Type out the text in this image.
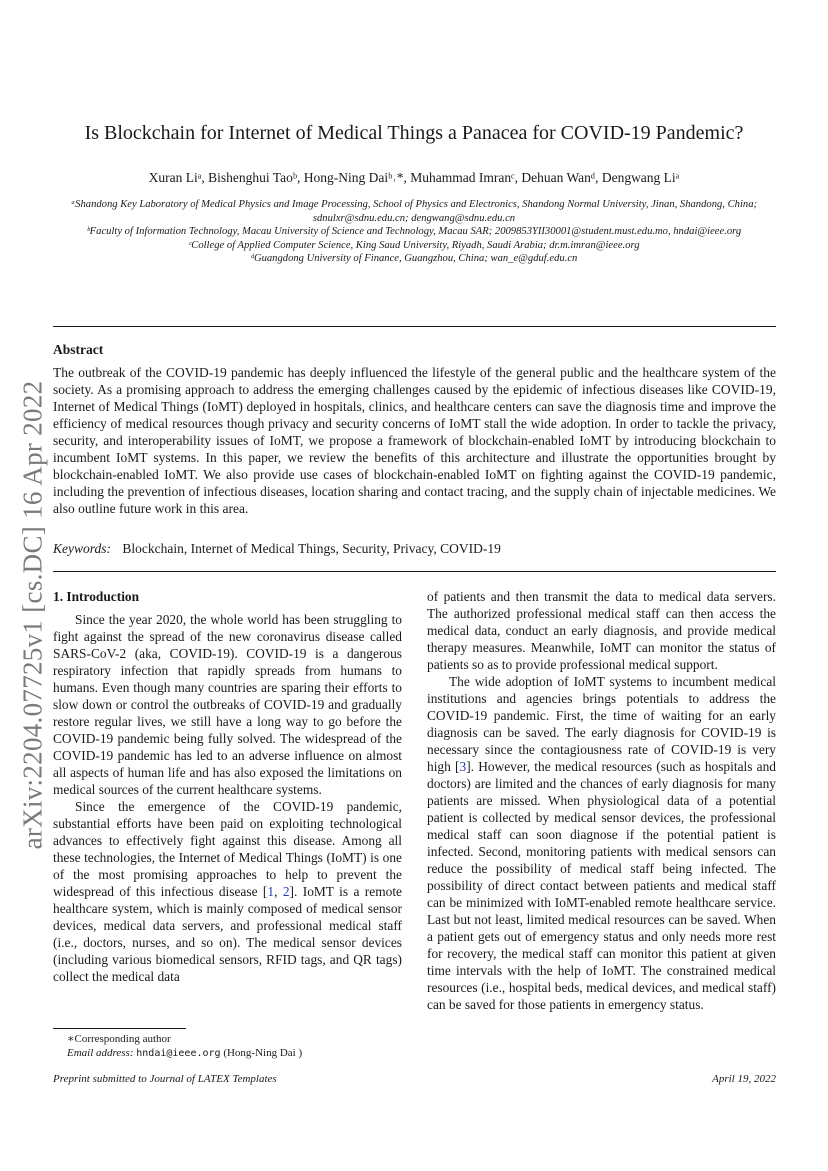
arXiv:2204.07725v1 [cs.DC] 16 Apr 2022
Is Blockchain for Internet of Medical Things a Panacea for COVID-19 Pandemic?
Xuran Liᵃ, Bishenghui Taoᵇ, Hong-Ning Daiᵇ˒*, Muhammad Imranᶜ, Dehuan Wanᵈ, Dengwang Liᵃ

ᵃShandong Key Laboratory of Medical Physics and Image Processing, School of Physics and Electronics, Shandong Normal University, Jinan, Shandong, China; sdnulxr@sdnu.edu.cn; dengwang@sdnu.edu.cn

ᵇFaculty of Information Technology, Macau University of Science and Technology, Macau SAR; 2009853YII30001@student.must.edu.mo, hndai@ieee.org

ᶜCollege of Applied Computer Science, King Saud University, Riyadh, Saudi Arabia; dr.m.imran@ieee.org

ᵈGuangdong University of Finance, Guangzhou, China; wan_e@gduf.edu.cn

Abstract

The outbreak of the COVID-19 pandemic has deeply influenced the lifestyle of the general public and the healthcare system of the society. As a promising approach to address the emerging challenges caused by the epidemic of infectious diseases like COVID-19, Internet of Medical Things (IoMT) deployed in hospitals, clinics, and healthcare centers can save the diagnosis time and improve the efficiency of medical resources though privacy and security concerns of IoMT stall the wide adoption. In order to tackle the privacy, security, and interoperability issues of IoMT, we propose a framework of blockchain-enabled IoMT by introducing blockchain to incumbent IoMT systems. In this paper, we review the benefits of this architecture and illustrate the opportunities brought by blockchain-enabled IoMT. We also provide use cases of blockchain-enabled IoMT on fighting against the COVID-19 pandemic, including the prevention of infectious diseases, location sharing and contact tracing, and the supply chain of injectable medicines. We also outline future work in this area.

Keywords: Blockchain, Internet of Medical Things, Security, Privacy, COVID-19

1. Introduction

Since the year 2020, the whole world has been struggling to fight against the spread of the new coronavirus disease called SARS-CoV-2 (aka, COVID-19). COVID-19 is a dangerous respiratory infection that rapidly spreads from humans to humans. Even though many countries are sparing their efforts to slow down or control the outbreaks of COVID-19 and gradually restore regular lives, we still have a long way to go before the COVID-19 pandemic being fully solved. The widespread of the COVID-19 pandemic has led to an adverse influence on almost all aspects of human life and has also exposed the limitations on medical sources of the current healthcare systems.

Since the emergence of the COVID-19 pandemic, substantial efforts have been paid on exploiting technological advances to effectively fight against this disease. Among all these technologies, the Internet of Medical Things (IoMT) is one of the most promising approaches to help to prevent the widespread of this infectious disease [1, 2]. IoMT is a remote healthcare system, which is mainly composed of medical sensor devices, medical data servers, and professional medical staff (i.e., doctors, nurses, and so on). The medical sensor devices (including various biomedical sensors, RFID tags, and QR tags) collect the medical data

of patients and then transmit the data to medical data servers. The authorized professional medical staff can then access the medical data, conduct an early diagnosis, and provide medical therapy measures. Meanwhile, IoMT can monitor the status of patients so as to provide professional medical support.

The wide adoption of IoMT systems to incumbent medical institutions and agencies brings potentials to address the COVID-19 pandemic. First, the time of waiting for an early diagnosis can be saved. The early diagnosis for COVID-19 is necessary since the contagiousness rate of COVID-19 is very high [3]. However, the medical resources (such as hospitals and doctors) are limited and the chances of early diagnosis for many patients are missed. When physiological data of a potential patient is collected by medical sensor devices, the professional medical staff can soon diagnose if the potential patient is infected. Second, monitoring patients with medical sensors can reduce the possibility of medical staff being infected. The possibility of direct contact between patients and medical staff can be minimized with IoMT-enabled remote healthcare service. Last but not least, limited medical resources can be saved. When a patient gets out of emergency status and only needs more rest for recovery, the medical staff can monitor this patient at given time intervals with the help of IoMT. The constrained medical resources (i.e., hospital beds, medical devices, and medical staff) can be saved for those patients in emergency status.

∗Corresponding author

Email address: hndai@ieee.org (Hong-Ning Dai )

Preprint submitted to Journal of LATEX Templates	April 19, 2022
